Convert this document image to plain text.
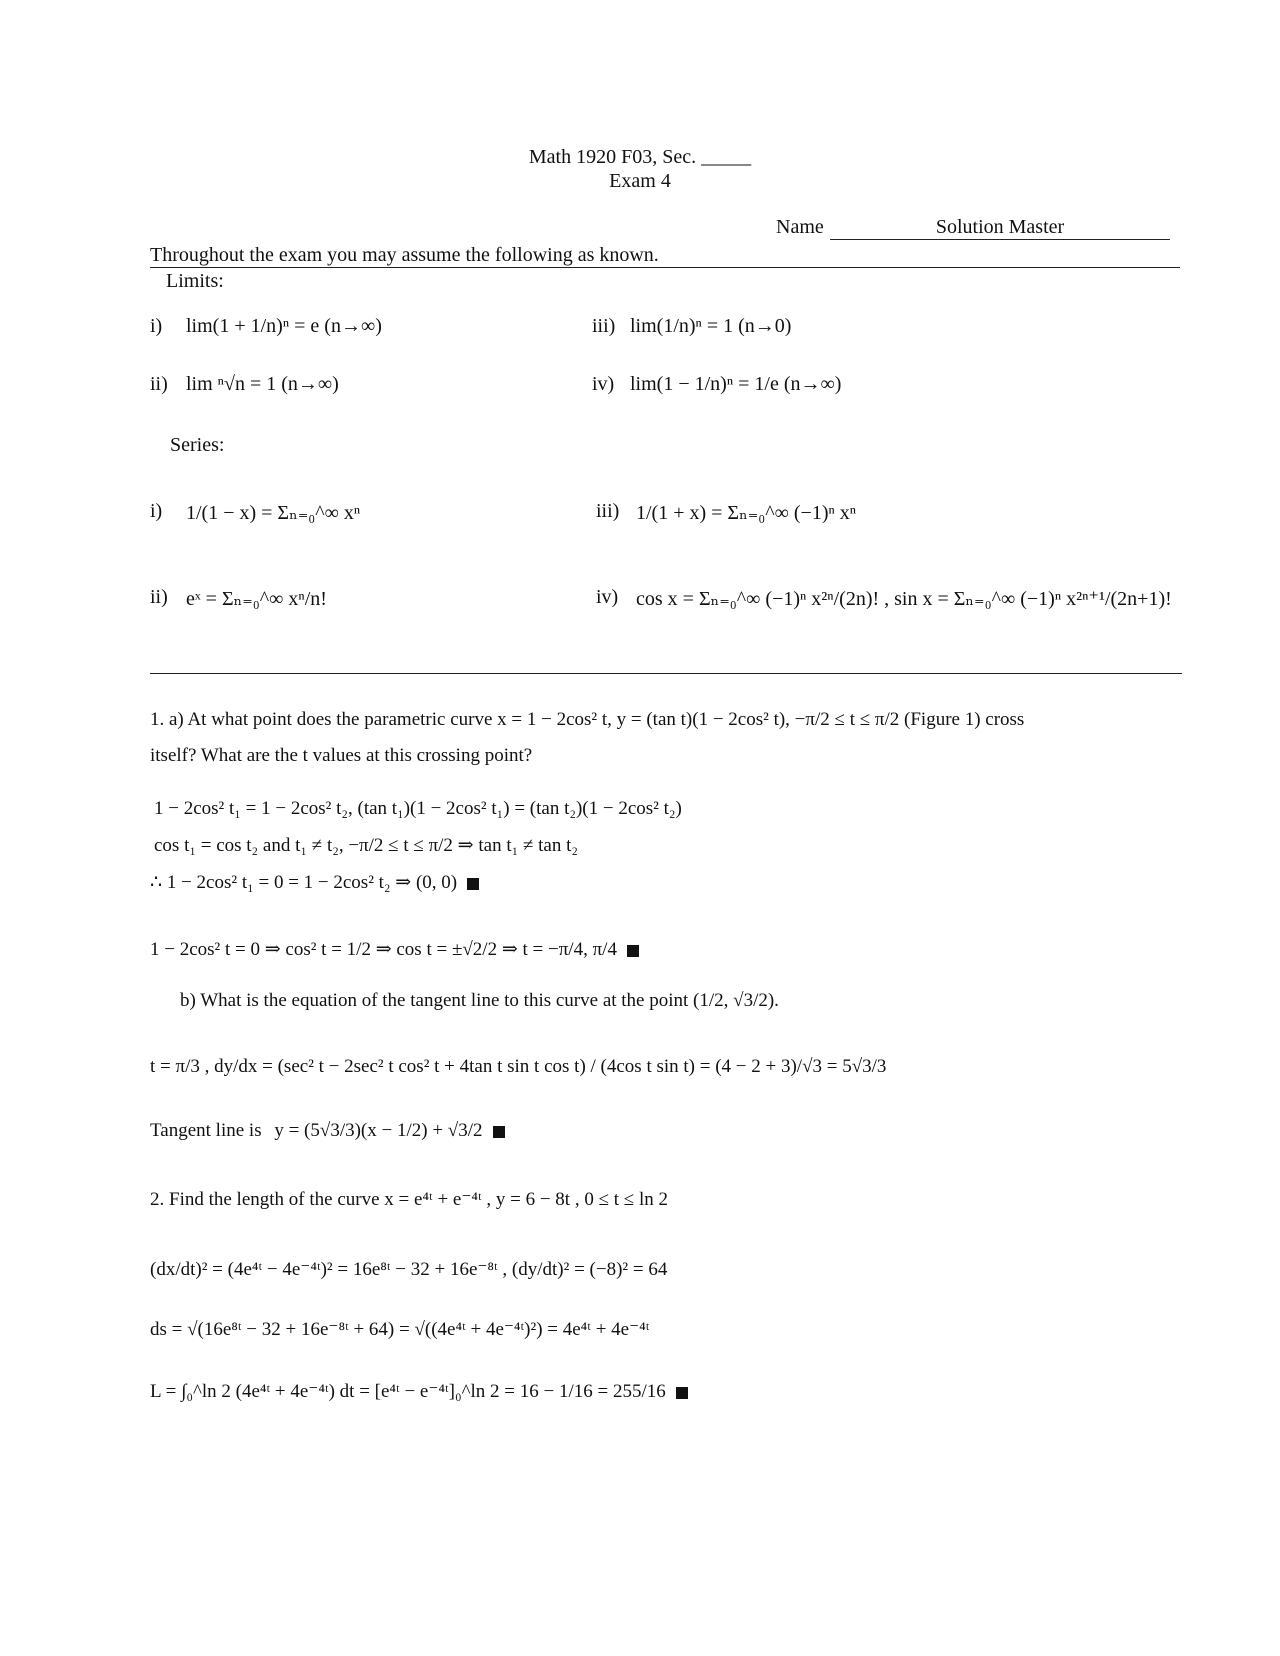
Math 1920 F03, Sec. _____
Exam 4
Name	Solution Master
Throughout the exam you may assume the following as known.
Limits:
i) lim(1 + 1/n)ⁿ = e (n→∞)
ii) lim ⁿ√n = 1 (n→∞)
iii) lim(1/n)ⁿ = 1 (n→0)
iv) lim(1 − 1/n)ⁿ = 1/e (n→∞)
Series:
i) 1/(1 − x) = Σₙ₌₀^∞ xⁿ
ii) eˣ = Σₙ₌₀^∞ xⁿ/n!
iii) 1/(1 + x) = Σₙ₌₀^∞ (−1)ⁿ xⁿ
iv) cos x = Σₙ₌₀^∞ (−1)ⁿ x²ⁿ/(2n)! , sin x = Σₙ₌₀^∞ (−1)ⁿ x²ⁿ⁺¹/(2n+1)!
1. a) At what point does the parametric curve x = 1 − 2cos² t, y = (tan t)(1 − 2cos² t), −π/2 ≤ t ≤ π/2 (Figure 1) cross
itself? What are the t values at this crossing point?
1 − 2cos² t₁ = 1 − 2cos² t₂, (tan t₁)(1 − 2cos² t₁) = (tan t₂)(1 − 2cos² t₂)
cos t₁ = cos t₂ and t₁ ≠ t₂, −π/2 ≤ t ≤ π/2 ⇒ tan t₁ ≠ tan t₂
∴ 1 − 2cos² t₁ = 0 = 1 − 2cos² t₂ ⇒ (0, 0)
1 − 2cos² t = 0 ⇒ cos² t = 1/2 ⇒ cos t = ±√2/2 ⇒ t = −π/4, π/4
b) What is the equation of the tangent line to this curve at the point (1/2, √3/2).
t = π/3 , dy/dx = (sec² t − 2sec² t cos² t + 4tan t sin t cos t) / (4cos t sin t) = (4 − 2 + 3)/√3 = 5√3/3
Tangent line is y = (5√3/3)(x − 1/2) + √3/2
2. Find the length of the curve x = e⁴ᵗ + e⁻⁴ᵗ , y = 6 − 8t , 0 ≤ t ≤ ln 2
(dx/dt)² = (4e⁴ᵗ − 4e⁻⁴ᵗ)² = 16e⁸ᵗ − 32 + 16e⁻⁸ᵗ , (dy/dt)² = (−8)² = 64
ds = √(16e⁸ᵗ − 32 + 16e⁻⁸ᵗ + 64) = √((4e⁴ᵗ + 4e⁻⁴ᵗ)²) = 4e⁴ᵗ + 4e⁻⁴ᵗ
L = ∫₀^ln 2 (4e⁴ᵗ + 4e⁻⁴ᵗ) dt = [e⁴ᵗ − e⁻⁴ᵗ]₀^ln 2 = 16 − 1/16 = 255/16
